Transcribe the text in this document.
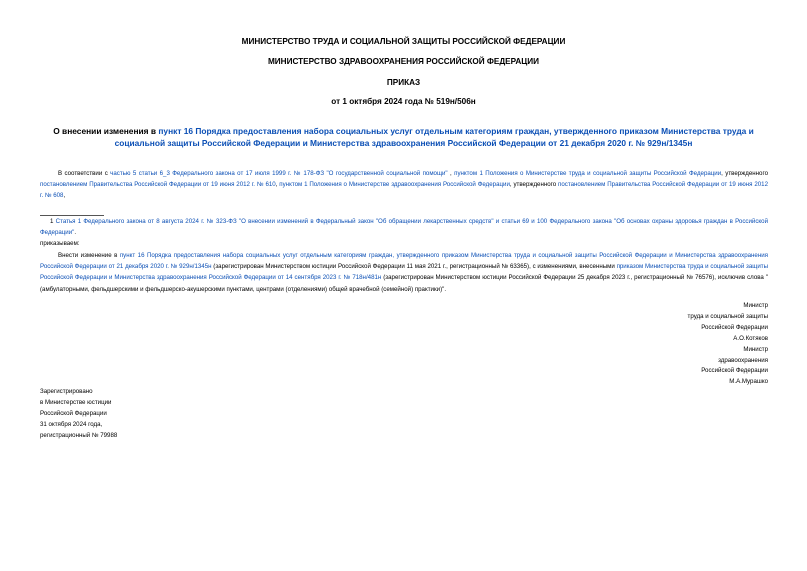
МИНИСТЕРСТВО ТРУДА И СОЦИАЛЬНОЙ ЗАЩИТЫ РОССИЙСКОЙ ФЕДЕРАЦИИ
МИНИСТЕРСТВО ЗДРАВООХРАНЕНИЯ РОССИЙСКОЙ ФЕДЕРАЦИИ
ПРИКАЗ
от 1 октября 2024 года № 519н/506н
О внесении изменения в пункт 16 Порядка предоставления набора социальных услуг отдельным категориям граждан, утвержденного приказом Министерства труда и социальной защиты Российской Федерации и Министерства здравоохранения Российской Федерации от 21 декабря 2020 г. № 929н/1345н
В соответствии с частью 5 статьи 6_3 Федерального закона от 17 июля 1999 г. № 178-ФЗ "О государственной социальной помощи" , пунктом 1 Положения о Министерстве труда и социальной защиты Российской Федерации, утвержденного постановлением Правительства Российской Федерации от 19 июня 2012 г. № 610, пунктом 1 Положения о Министерстве здравоохранения Российской Федерации, утвержденного постановлением Правительства Российской Федерации от 19 июня 2012 г. № 608,
1 Статья 1 Федерального закона от 8 августа 2024 г. № 323-ФЗ "О внесении изменений в Федеральный закон "Об обращении лекарственных средств" и статьи 69 и 100 Федерального закона "Об основах охраны здоровья граждан в Российской Федерации".
приказываем:
Внести изменение в пункт 16 Порядка предоставления набора социальных услуг отдельным категориям граждан, утвержденного приказом Министерства труда и социальной защиты Российской Федерации и Министерства здравоохранения Российской Федерации от 21 декабря 2020 г. № 929н/1345н (зарегистрирован Министерством юстиции Российской Федерации 11 мая 2021 г., регистрационный № 63365), с изменениями, внесенными приказом Министерства труда и социальной защиты Российской Федерации и Министерства здравоохранения Российской Федерации от 14 сентября 2023 г. № 718н/481н (зарегистрирован Министерством юстиции Российской Федерации 25 декабря 2023 г., регистрационный № 76576), исключив слова "(амбулаторными, фельдшерскими и фельдшерско-акушерскими пунктами, центрами (отделениями) общей врачебной (семейной) практики)".
Министр
труда и социальной защиты
Российской Федерации
А.О.Котяков
Министр
здравоохранения
Российской Федерации
М.А.Мурашко
Зарегистрировано
в Министерстве юстиции
Российской Федерации
31 октября 2024 года,
регистрационный № 79988
